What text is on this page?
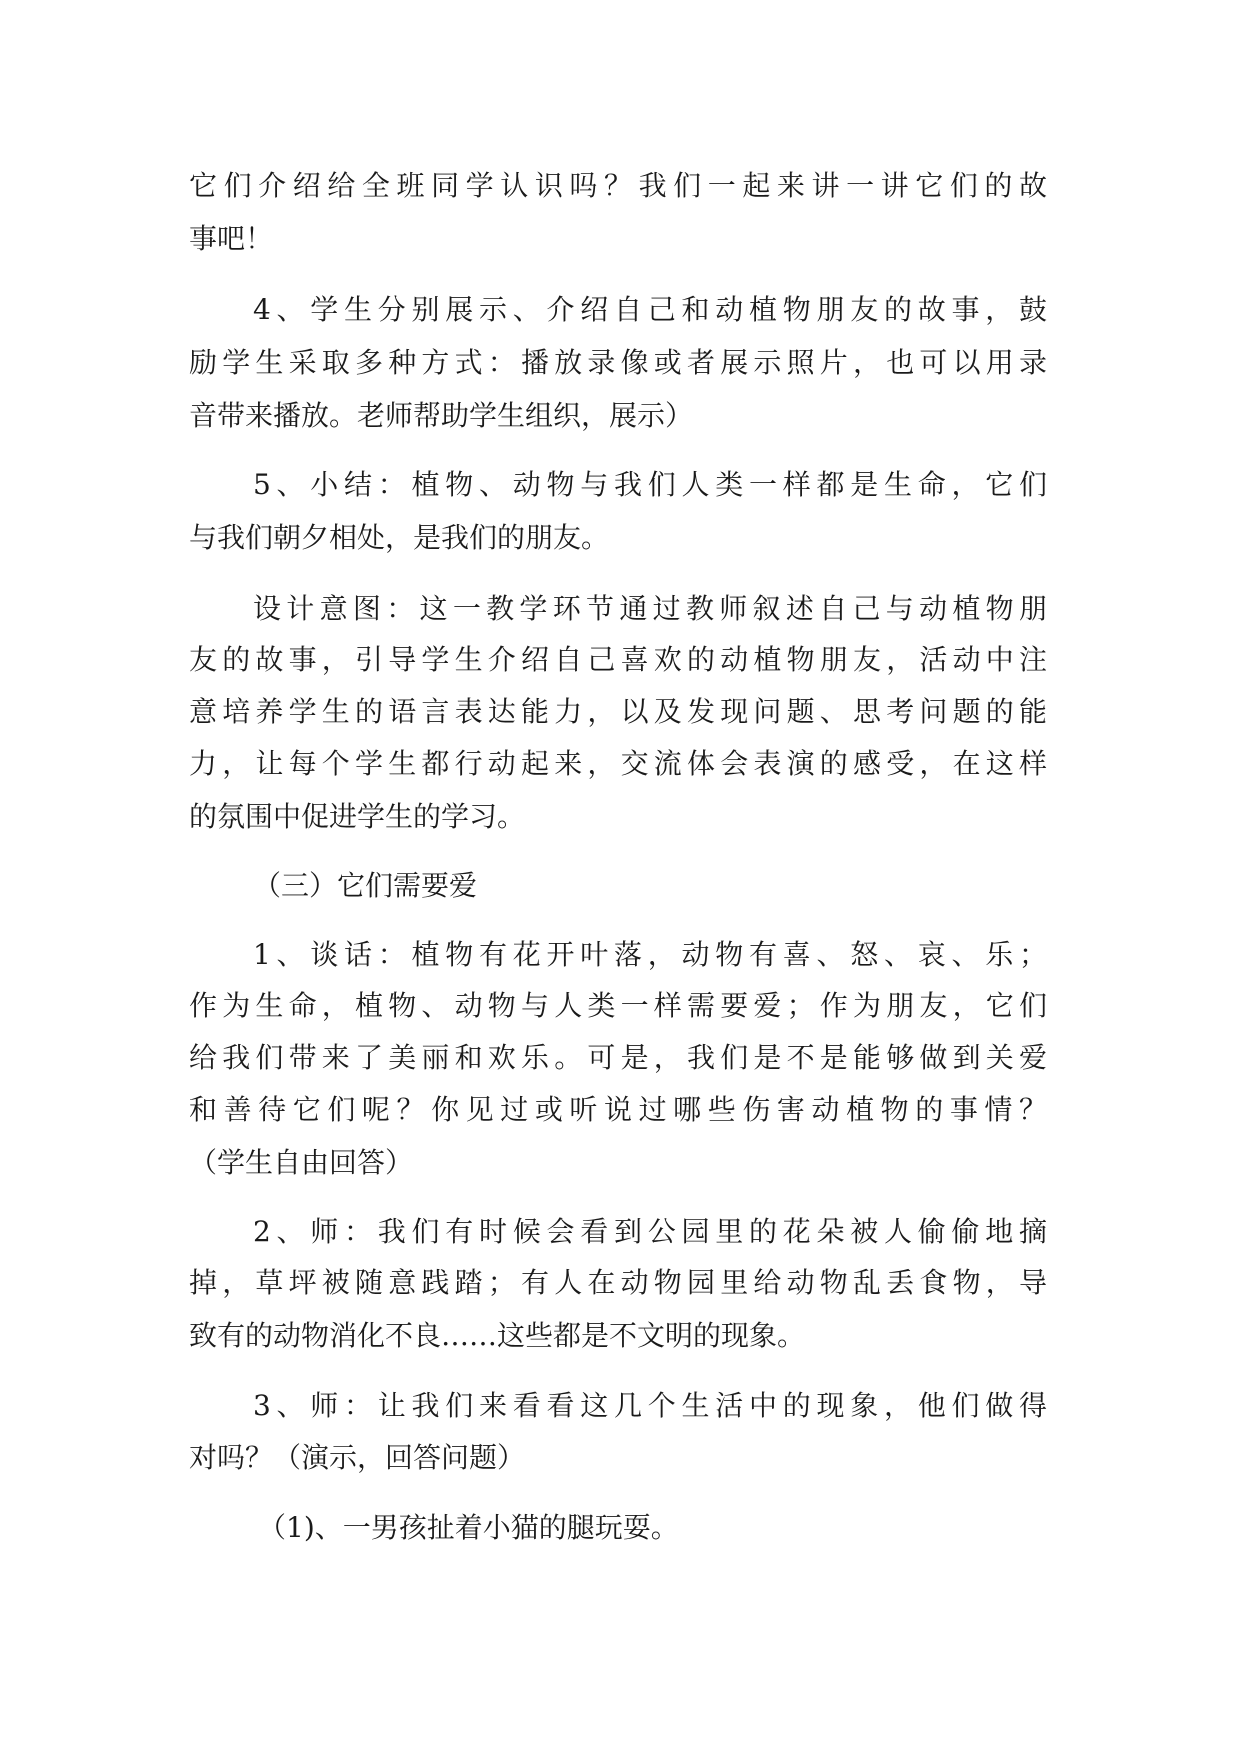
它们介绍给全班同学认识吗？我们一起来讲一讲它们的故

事吧！

4、学生分别展示、介绍自己和动植物朋友的故事，鼓

励学生采取多种方式：播放录像或者展示照片，也可以用录

音带来播放。老师帮助学生组织，展示）

5、小结：植物、动物与我们人类一样都是生命，它们

与我们朝夕相处，是我们的朋友。

设计意图：这一教学环节通过教师叙述自己与动植物朋

友的故事，引导学生介绍自己喜欢的动植物朋友，活动中注

意培养学生的语言表达能力，以及发现问题、思考问题的能

力，让每个学生都行动起来，交流体会表演的感受，在这样

的氛围中促进学生的学习。

（三）它们需要爱

1、谈话：植物有花开叶落，动物有喜、怒、哀、乐；

作为生命，植物、动物与人类一样需要爱；作为朋友，它们

给我们带来了美丽和欢乐。可是，我们是不是能够做到关爱

和善待它们呢？你见过或听说过哪些伤害动植物的事情？

（学生自由回答）

2、师：我们有时候会看到公园里的花朵被人偷偷地摘

掉，草坪被随意践踏；有人在动物园里给动物乱丢食物，导

致有的动物消化不良……这些都是不文明的现象。

3、师：让我们来看看这几个生活中的现象，他们做得

对吗？（演示，回答问题）

（1)、一男孩扯着小猫的腿玩耍。
